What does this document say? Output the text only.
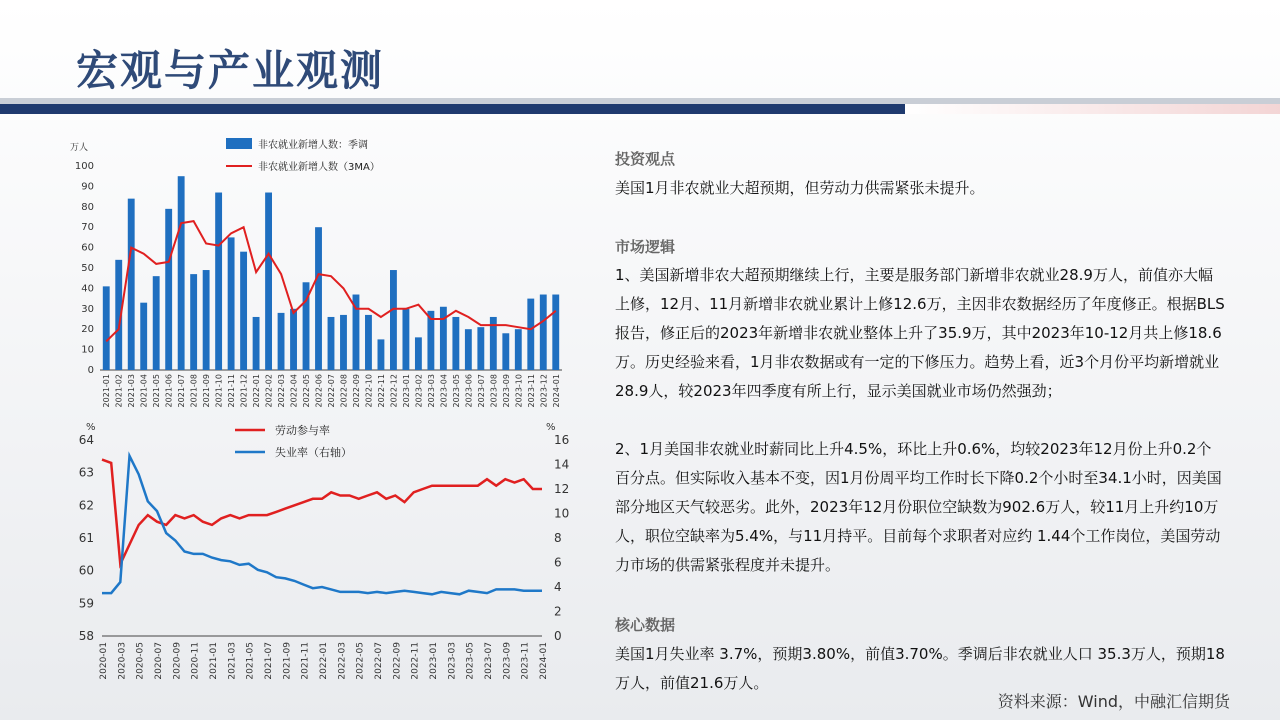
宏观与产业观测
万人
0
10
20
30
40
50
60
70
80
90
100
2021-01 2021-02 2021-03 2021-04 2021-05 2021-06 2021-07 2021-08 2021-09 2021-10 2021-11 2021-12 2022-01 2022-02 2022-03 2022-04 2022-05 2022-06 2022-07 2022-08 2022-09 2022-10 2022-11 2022-12 2023-01 2023-02 2023-03 2023-04 2023-05 2023-06 2023-07 2023-08 2023-09 2023-10 2023-11 2023-12 2024-01
非农就业新增人数：季调
非农就业新增人数（3MA）
%	%
58
59
60
61
62
63
64
0
2
4
6
8
10
12
14
16
2020-01 2020-03 2020-05 2020-07 2020-09 2020-11 2021-01 2021-03 2021-05 2021-07 2021-09 2021-11 2022-01 2022-03 2022-05 2022-07 2022-09 2022-11 2023-01 2023-03 2023-05 2023-07 2023-09 2023-11 2024-01
劳动参与率
失业率（右轴）
投资观点

美国1月非农就业大超预期，但劳动力供需紧张未提升。

市场逻辑

1、美国新增非农大超预期继续上行，主要是服务部门新增非农就业28.9万人，前值亦大幅上修，12月、11月新增非农就业累计上修12.6万，主因非农数据经历了年度修正。根据BLS报告，修正后的2023年新增非农就业整体上升了35.9万，其中2023年10-12月共上修18.6万。历史经验来看，1月非农数据或有一定的下修压力。趋势上看，近3个月份平均新增就业28.9人，较2023年四季度有所上行，显示美国就业市场仍然强劲；

2、1月美国非农就业时薪同比上升4.5%，环比上升0.6%，均较2023年12月份上升0.2个百分点。但实际收入基本不变，因1月份周平均工作时长下降0.2个小时至34.1小时，因美国部分地区天气较恶劣。此外，2023年12月份职位空缺数为902.6万人，较11月上升约10万人，职位空缺率为5.4%，与11月持平。目前每个求职者对应约 1.44个工作岗位，美国劳动力市场的供需紧张程度并未提升。

核心数据

美国1月失业率 3.7%，预期3.80%，前值3.70%。季调后非农就业人口 35.3万人，预期18万人，前值21.6万人。

资料来源：Wind，中融汇信期货
